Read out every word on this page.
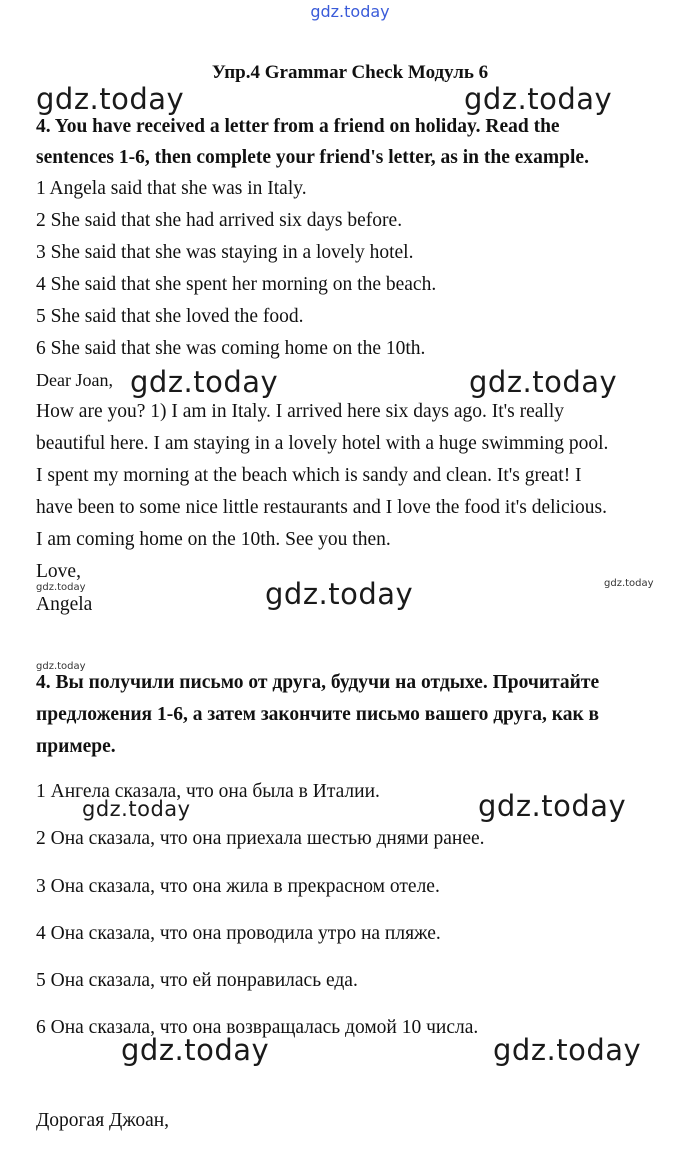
gdz.today
Упр.4 Grammar Check Модуль 6
4. You have received a letter from a friend on holiday. Read the
sentences 1-6, then complete your friend's letter, as in the example.
1 Angela said that she was in Italy.
2 She said that she had arrived six days before.
3 She said that she was staying in a lovely hotel.
4 She said that she spent her morning on the beach.
5 She said that she loved the food.
6 She said that she was coming home on the 10th.
Dear Joan,
How are you? 1) I am in Italy. I arrived here six days ago. It's really
beautiful here. I am staying in a lovely hotel with a huge swimming pool.
I spent my morning at the beach which is sandy and clean. It's great! I
have been to some nice little restaurants and I love the food it's delicious.
I am coming home on the 10th. See you then.
Love,
Angela
4. Вы получили письмо от друга, будучи на отдыхе. Прочитайте
предложения 1-6, а затем закончите письмо вашего друга, как в
примере.
1 Ангела сказала, что она была в Италии.
2 Она сказала, что она приехала шестью днями ранее.
3 Она сказала, что она жила в прекрасном отеле.
4 Она сказала, что она проводила утро на пляже.
5 Она сказала, что ей понравилась еда.
6 Она сказала, что она возвращалась домой 10 числа.
Дорогая Джоан,
gdz.today	gdz.today
gdz.today	gdz.today
gdz.today
gdz.today
gdz.today	gdz.today
gdz.today
gdz.today	gdz.today
gdz.today
